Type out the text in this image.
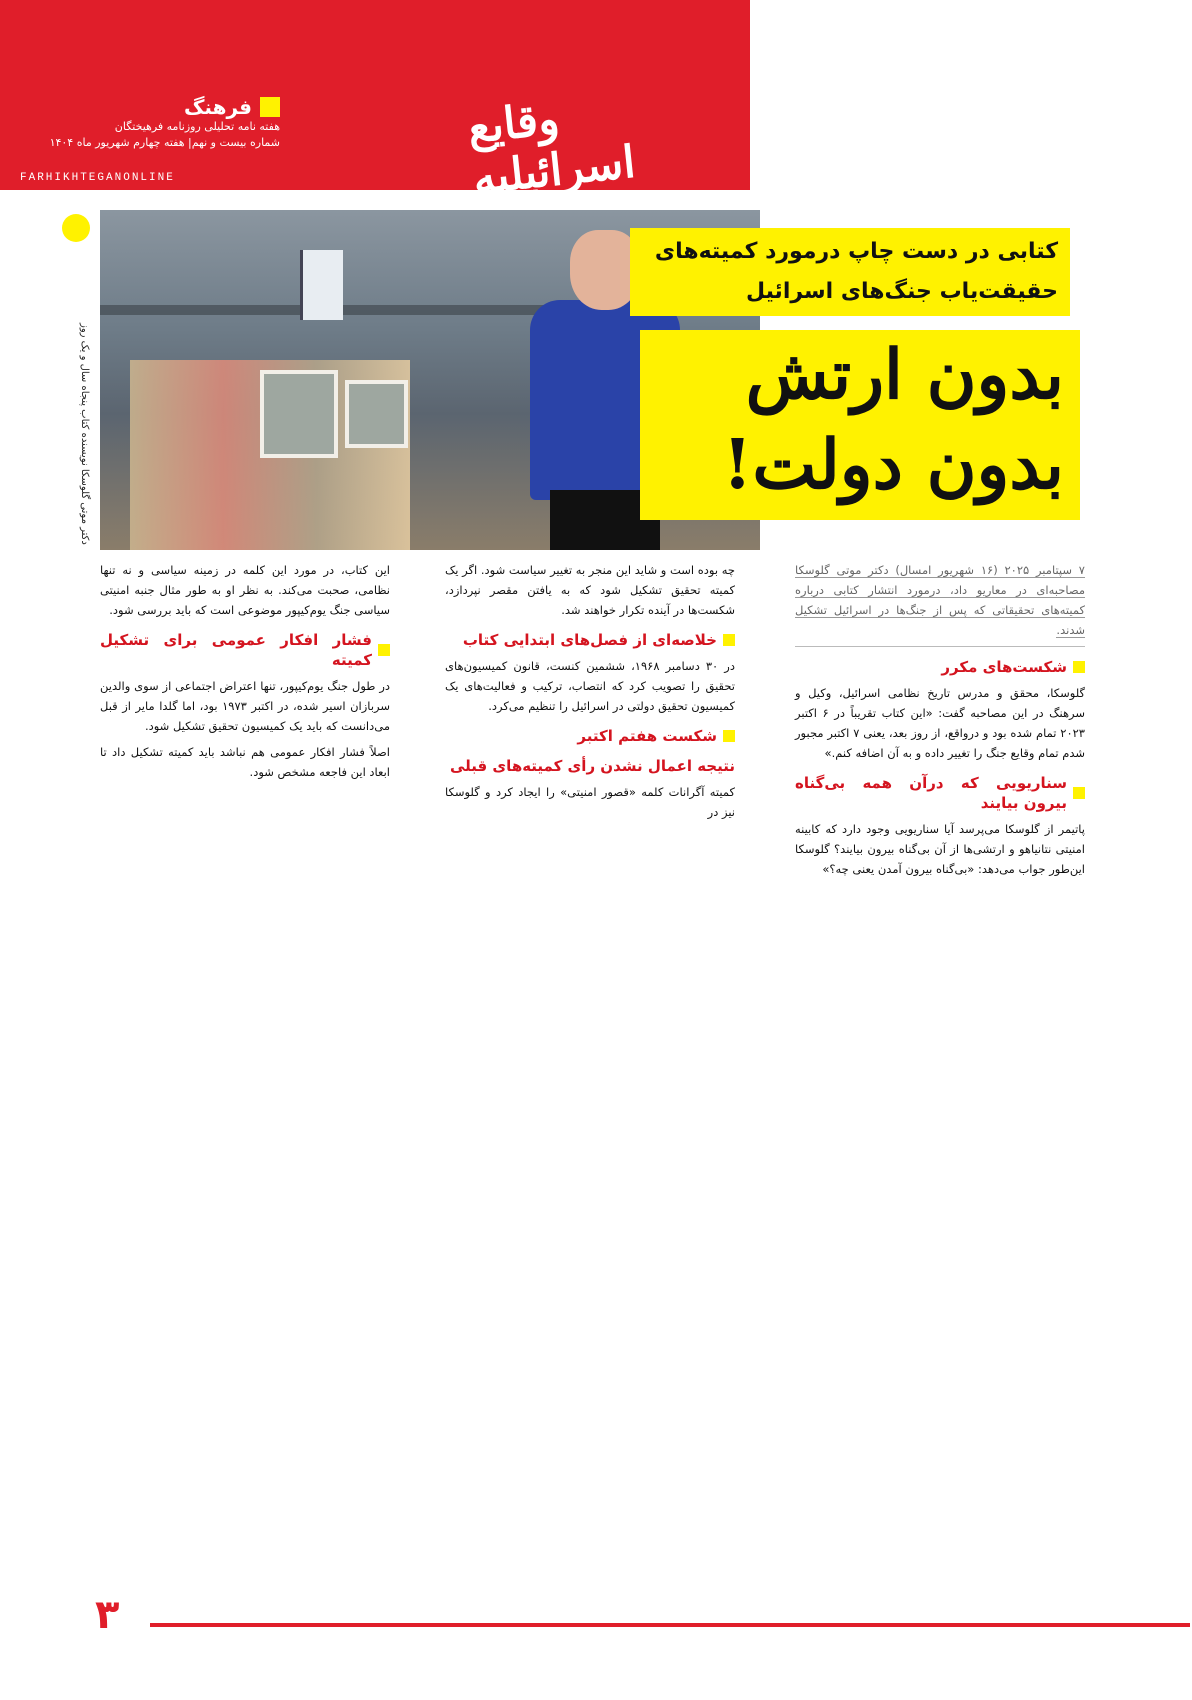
وقایع اسرائیلیه
فرهنگ
هفته نامه تحلیلی روزنامه فرهیختگان
شماره بیست و نهم| هفته چهارم شهریور ماه ۱۴۰۴
FARHIKHTEGANONLINE
دکتر موتی گلوسکا نویسنده کتاب پنجاه سال و یک روز
کتابی در دست چاپ درمورد کمیته‌های حقیقت‌یاب جنگ‌های اسرائیل
بدون ارتش
بدون دولت!

۷ سپتامبر ۲۰۲۵ (۱۶ شهریور امسال) دکتر موتی گلوسکا مصاحبه‌ای در معاریو داد، درمورد انتشار کتابی درباره کمیته‌های تحقیقاتی که پس از جنگ‌ها در اسرائیل تشکیل شدند.

شکست‌های مکرر

گلوسکا، محقق و مدرس تاریخ نظامی اسرائیل، وکیل و سرهنگ در این مصاحبه گفت: «این کتاب تقریباً در ۶ اکتبر ۲۰۲۳ تمام شده بود و درواقع، از روز بعد، یعنی ۷ اکتبر مجبور شدم تمام وقایع جنگ را تغییر داده و به آن اضافه کنم.»

سناریویی که درآن همه بی‌گناه بیرون بیایند

پاتیمر از گلوسکا می‌پرسد آیا سناریویی وجود دارد که کابینه امنیتی نتانیاهو و ارتشی‌ها از آن بی‌گناه بیرون بیایند؟ گلوسکا این‌طور جواب می‌دهد: «بی‌گناه بیرون آمدن یعنی چه؟»

چه بوده است و شاید این منجر به تغییر سیاست شود. اگر یک کمیته تحقیق تشکیل شود که به یافتن مقصر نپردازد، شکست‌ها در آینده تکرار خواهند شد.

خلاصه‌ای از فصل‌های ابتدایی کتاب

در ۳۰ دسامبر ۱۹۶۸، ششمین کنست، قانون کمیسیون‌های تحقیق را تصویب کرد که انتصاب، ترکیب و فعالیت‌های یک کمیسیون تحقیق دولتی در اسرائیل را تنظیم می‌کرد.

شکست هفتم اکتبر
نتیجه اعمال نشدن رأی کمیته‌های قبلی

کمیته آگرانات کلمه «قصور امنیتی» را ایجاد کرد و گلوسکا نیز در

این کتاب، در مورد این کلمه در زمینه سیاسی و نه تنها نظامی، صحبت می‌کند. به نظر او به طور مثال جنبه امنیتی سیاسی جنگ یوم‌کیپور موضوعی است که باید بررسی شود.

فشار افکار عمومی برای تشکیل کمیته

در طول جنگ یوم‌کیپور، تنها اعتراض اجتماعی از سوی والدین سربازان اسیر شده، در اکتبر ۱۹۷۳ بود، اما گلدا مایر از قبل می‌دانست که باید یک کمیسیون تحقیق تشکیل شود.

اصلاً فشار افکار عمومی هم نباشد باید کمیته تشکیل داد تا ابعاد این فاجعه مشخص شود.

۳
